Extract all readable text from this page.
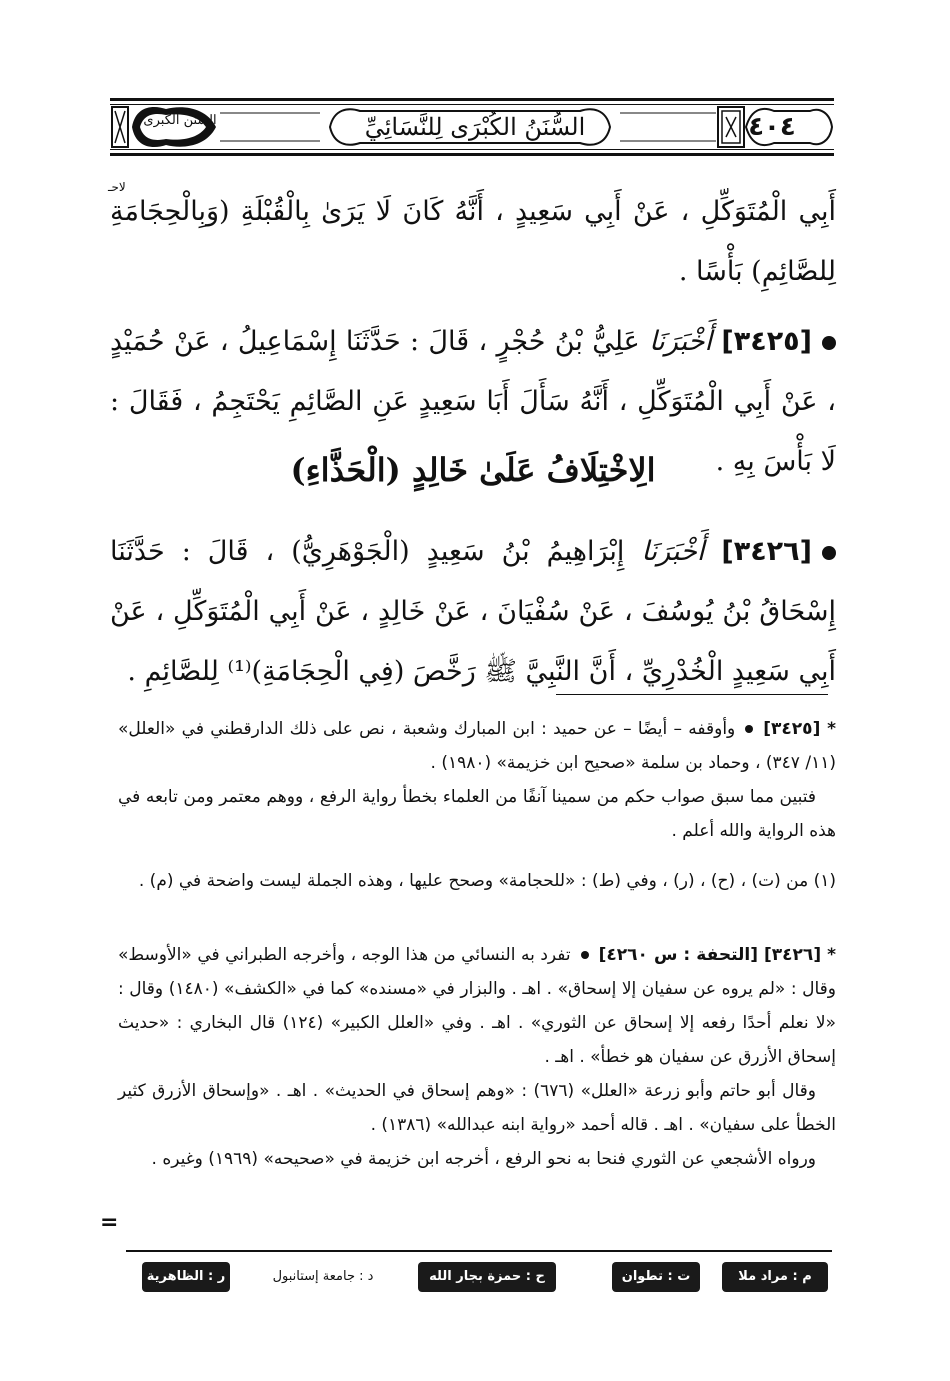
٤٠٤
السُّنَنُ الكُبْرَى لِلنَّسَائِيِّ
السنن الكبرى
لاحـ
أَبِي الْمُتَوَكِّلِ ، عَنْ أَبِي سَعِيدٍ ، أَنَّهُ كَانَ لَا يَرَىٰ بِالْقُبْلَةِ (وَبِالْحِجَامَةِ لِلصَّائِمِ) بَأْسًا .
[٣٤٢٥] أَخْبَرَنَا عَلِيُّ بْنُ حُجْرٍ ، قَالَ : حَدَّثَنَا إِسْمَاعِيلُ ، عَنْ حُمَيْدٍ ، عَنْ أَبِي الْمُتَوَكِّلِ ، أَنَّهُ سَأَلَ أَبَا سَعِيدٍ عَنِ الصَّائِمِ يَحْتَجِمُ ، فَقَالَ : لَا بَأْسَ بِهِ .
الِاخْتِلَافُ عَلَىٰ خَالِدٍ (الْحَذَّاءِ)
[٣٤٢٦] أَخْبَرَنَا إِبْرَاهِيمُ بْنُ سَعِيدٍ (الْجَوْهَرِيُّ) ، قَالَ : حَدَّثَنَا إِسْحَاقُ بْنُ يُوسُفَ ، عَنْ سُفْيَانَ ، عَنْ خَالِدٍ ، عَنْ أَبِي الْمُتَوَكِّلِ ، عَنْ أَبِي سَعِيدٍ الْخُدْرِيِّ ، أَنَّ النَّبِيَّ ﷺ رَخَّصَ (فِي الْحِجَامَةِ)⁽¹⁾ لِلصَّائِمِ .
* [٣٤٢٥]وأوقفه – أيضًا – عن حميد : ابن المبارك وشعبة ، نص على ذلك الدارقطني في «العلل» (١١/ ٣٤٧) ، وحماد بن سلمة «صحيح ابن خزيمة» (١٩٨٠) .
فتبين مما سبق صواب حكم من سمينا آنفًا من العلماء بخطأ رواية الرفع ، ووهم معتمر ومن تابعه في هذه الرواية والله أعلم .
(١) من (ت) ، (ح) ، (ر) ، وفي (ط) : «للحجامة» وصحح عليها ، وهذه الجملة ليست واضحة في (م) .
* [٣٤٢٦] [التحفة : س ٤٢٦٠]تفرد به النسائي من هذا الوجه ، وأخرجه الطبراني في «الأوسط» وقال : «لم يروه عن سفيان إلا إسحاق» . اهـ . والبزار في «مسنده» كما في «الكشف» (١٤٨٠) وقال : «لا نعلم أحدًا رفعه إلا إسحاق عن الثوري» . اهـ . وفي «العلل الكبير» (١٢٤) قال البخاري : «حديث إسحاق الأزرق عن سفيان هو خطأ» . اهـ .
وقال أبو حاتم وأبو زرعة «العلل» (٦٧٦) : «وهم إسحاق في الحديث» . اهـ . «وإسحاق الأزرق كثير الخطأ على سفيان» . اهـ . قاله أحمد «رواية ابنه عبدالله» (١٣٨٦) .
ورواه الأشجعي عن الثوري فنحا به نحو الرفع ، أخرجه ابن خزيمة في «صحيحه» (١٩٦٩) وغيره .
=
م : مراد ملا
ت : تطوان
ح : حمزة بجار الله
د : جامعة إستانبول
ر : الظاهرية
